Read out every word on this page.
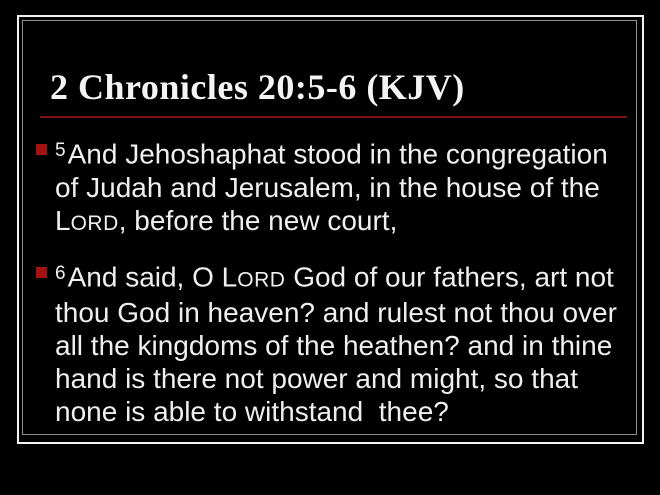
2 Chronicles 20:5-6 (KJV)
$^5$And Jehoshaphat stood in the congregation
of Judah and Jerusalem, in the house of the
LORD, before the new court,
$^6$And said, O LORD God of our fathers, art not
thou God in heaven? and rulest not thou over
all the kingdoms of the heathen? and in thine
hand is there not power and might, so that
none is able to withstand  thee?
